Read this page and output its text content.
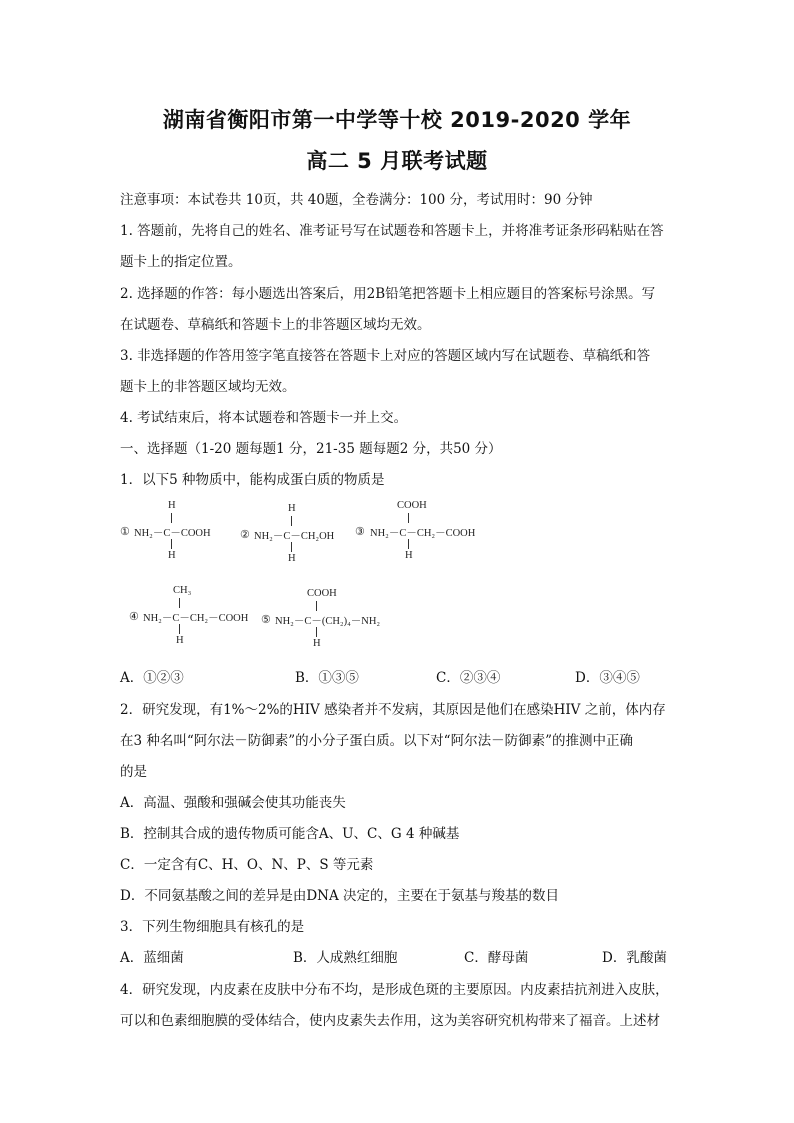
湖南省衡阳市第一中学等十校 2019-2020 学年
高二 5 月联考试题
注意事项：本试卷共 10页，共 40题，全卷满分：100 分，考试用时：90 分钟
1. 答题前，先将自己的姓名、准考证号写在试题卷和答题卡上，并将准考证条形码粘贴在答
题卡上的指定位置。
2. 选择题的作答：每小题选出答案后，用2B铅笔把答题卡上相应题目的答案标号涂黑。写
在试题卷、草稿纸和答题卡上的非答题区域均无效。
3. 非选择题的作答用签字笔直接答在答题卡上对应的答题区域内写在试题卷、草稿纸和答
题卡上的非答题区域均无效。
4. 考试结束后，将本试题卷和答题卡一并上交。
一、选择题（1-20 题每题1 分，21-35 题每题2 分，共50 分）
1．以下5 种物质中，能构成蛋白质的物质是
H
① NH₂－C－COOH
H
H
② NH₂－C－CH₂OH
H
COOH
③ NH₂－C－CH₂－COOH
H
CH₃
④ NH₂－C－CH₂－COOH
H
COOH
⑤ NH₂－C－(CH₂)₄－NH₂
H
A．①②③	B．①③⑤	C．②③④	D．③④⑤
2．研究发现，有1%～2%的HIV 感染者并不发病，其原因是他们在感染HIV 之前，体内存
在3 种名叫“阿尔法－防御素”的小分子蛋白质。以下对“阿尔法－防御素”的推测中正确
的是
A．高温、强酸和强碱会使其功能丧失
B．控制其合成的遗传物质可能含A、U、C、G 4 种碱基
C．一定含有C、H、O、N、P、S 等元素
D．不同氨基酸之间的差异是由DNA 决定的，主要在于氨基与羧基的数目
3．下列生物细胞具有核孔的是
A．蓝细菌	B．人成熟红细胞	C．酵母菌	D．乳酸菌
4．研究发现，内皮素在皮肤中分布不均，是形成色斑的主要原因。内皮素拮抗剂进入皮肤，
可以和色素细胞膜的受体结合，使内皮素失去作用，这为美容研究机构带来了福音。上述材
